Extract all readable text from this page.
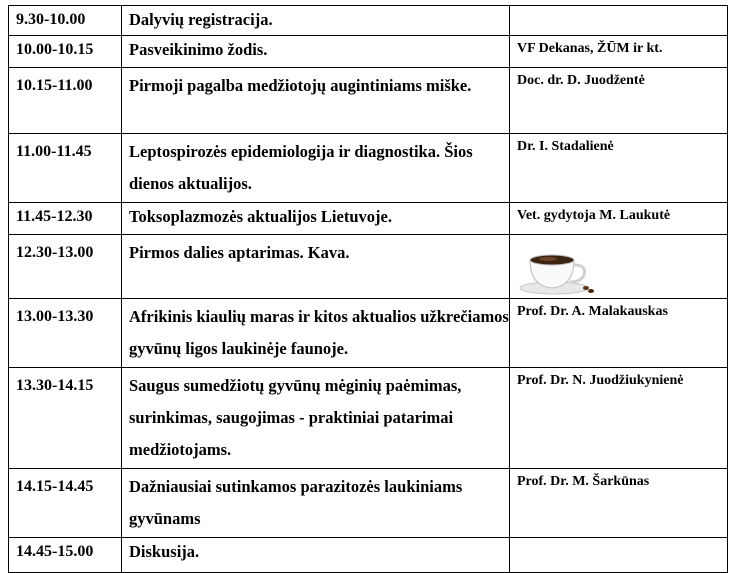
9.30-10.00	Dalyvių registracija.	
10.00-10.15	Pasveikinimo žodis.	VF Dekanas, ŽŪM ir kt.
10.15-11.00	Pirmoji pagalba medžiotojų augintiniams miške.	Doc. dr. D. Juodžentė
11.00-11.45	Leptospirozės epidemiologija ir diagnostika. Šios dienos aktualijos.	Dr. I. Stadalienė
11.45-12.30	Toksoplazmozės aktualijos Lietuvoje.	Vet. gydytoja M. Laukutė
12.30-13.00	Pirmos dalies aptarimas. Kava.	

13.00-13.30	Afrikinis kiaulių maras ir kitos aktualios užkrečiamos gyvūnų ligos laukinėje faunoje.	Prof. Dr. A. Malakauskas
13.30-14.15	Saugus sumedžiotų gyvūnų mėginių paėmimas, surinkimas, saugojimas - praktiniai patarimai medžiotojams.	Prof. Dr. N. Juodžiukynienė
14.15-14.45	Dažniausiai sutinkamos parazitozės laukiniams gyvūnams	Prof. Dr. M. Šarkūnas
14.45-15.00	Diskusija.	
